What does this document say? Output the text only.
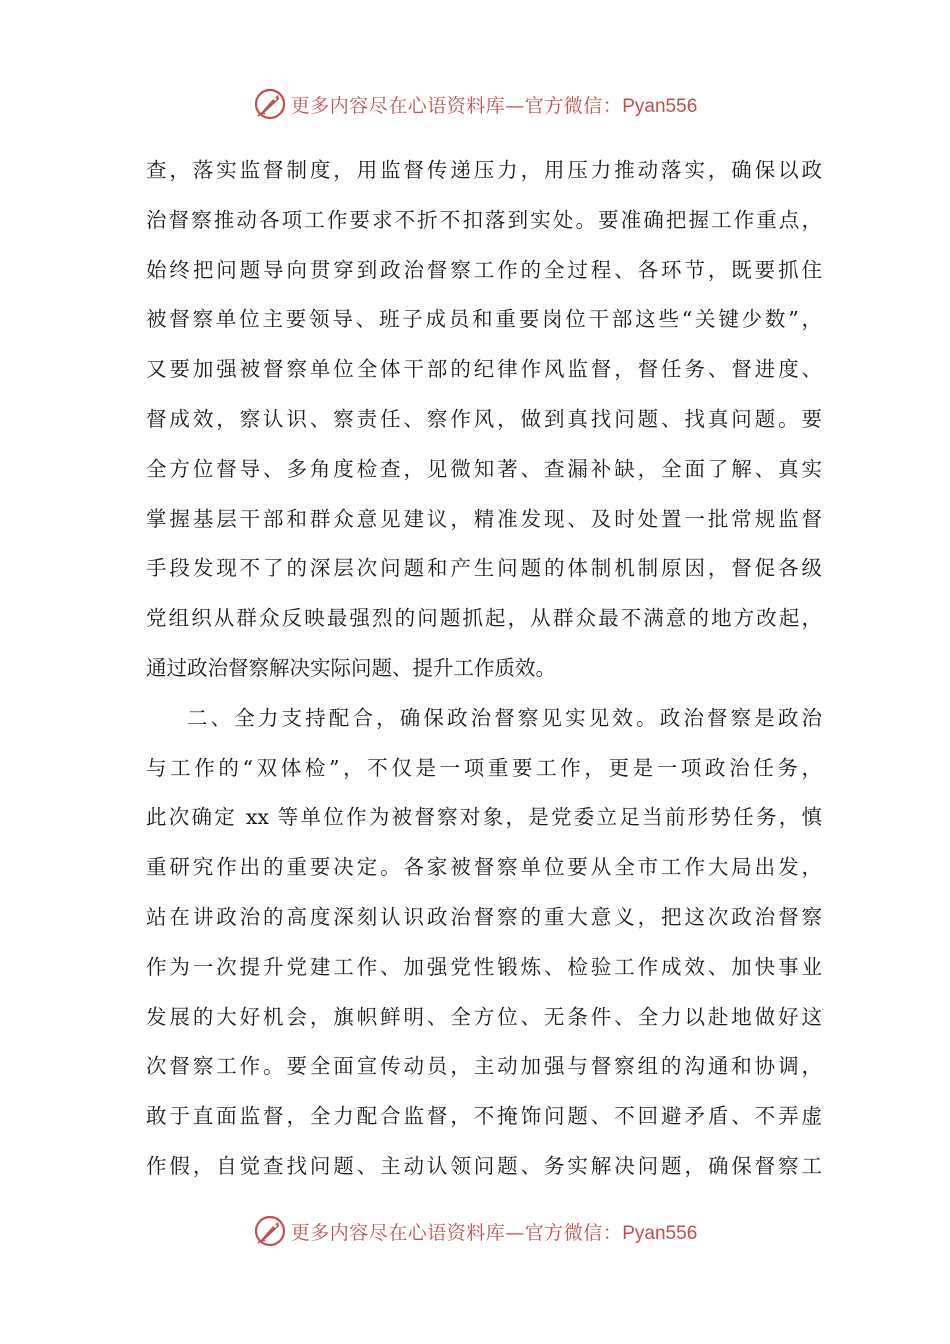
更多内容尽在心语资料库—官方微信：Pyan556
查，落实监督制度，用监督传递压力，用压力推动落实，确保以政
治督察推动各项工作要求不折不扣落到实处。要准确把握工作重点，
始终把问题导向贯穿到政治督察工作的全过程、各环节，既要抓住
被督察单位主要领导、班子成员和重要岗位干部这些“关键少数”，
又要加强被督察单位全体干部的纪律作风监督，督任务、督进度、
督成效，察认识、察责任、察作风，做到真找问题、找真问题。要
全方位督导、多角度检查，见微知著、查漏补缺，全面了解、真实
掌握基层干部和群众意见建议，精准发现、及时处置一批常规监督
手段发现不了的深层次问题和产生问题的体制机制原因，督促各级
党组织从群众反映最强烈的问题抓起，从群众最不满意的地方改起，
通过政治督察解决实际问题、提升工作质效。
二、全力支持配合，确保政治督察见实见效。政治督察是政治
与工作的“双体检”，不仅是一项重要工作，更是一项政治任务，
此次确定 xx 等单位作为被督察对象，是党委立足当前形势任务，慎
重研究作出的重要决定。各家被督察单位要从全市工作大局出发，
站在讲政治的高度深刻认识政治督察的重大意义，把这次政治督察
作为一次提升党建工作、加强党性锻炼、检验工作成效、加快事业
发展的大好机会，旗帜鲜明、全方位、无条件、全力以赴地做好这
次督察工作。要全面宣传动员，主动加强与督察组的沟通和协调，
敢于直面监督，全力配合监督，不掩饰问题、不回避矛盾、不弄虚
作假，自觉查找问题、主动认领问题、务实解决问题，确保督察工
更多内容尽在心语资料库—官方微信：Pyan556
